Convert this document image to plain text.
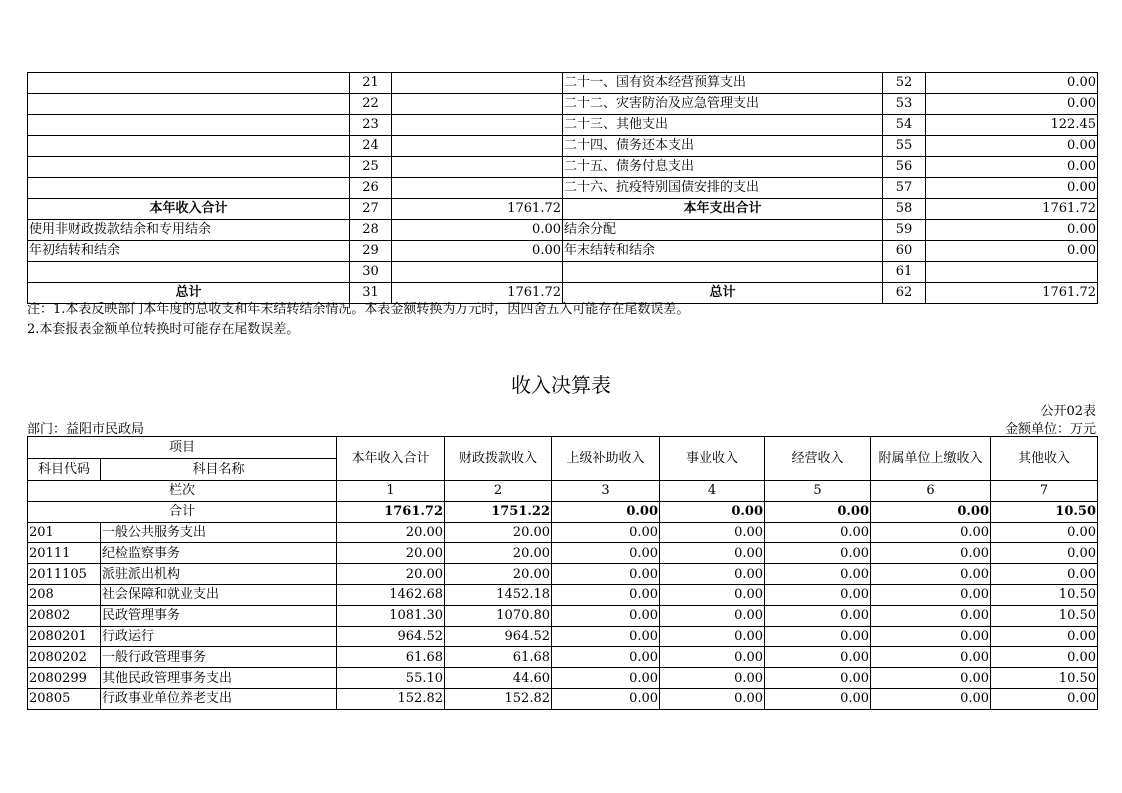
	21		二十一、国有资本经营预算支出	52	0.00
	22		二十二、灾害防治及应急管理支出	53	0.00
	23		二十三、其他支出	54	122.45
	24		二十四、债务还本支出	55	0.00
	25		二十五、债务付息支出	56	0.00
	26		二十六、抗疫特别国债安排的支出	57	0.00
本年收入合计	27	1761.72	本年支出合计	58	1761.72
使用非财政拨款结余和专用结余	28	0.00	结余分配	59	0.00
年初结转和结余	29	0.00	年末结转和结余	60	0.00
	30			61	
总计	31	1761.72	总计	62	1761.72
注：1.本表反映部门本年度的总收支和年末结转结余情况。本表金额转换为万元时，因四舍五入可能存在尾数误差。
2.本套报表金额单位转换时可能存在尾数误差。
收入决算表
公开02表
部门：益阳市民政局	金额单位：万元
项目		本年收入合计	财政拨款收入	上级补助收入	事业收入	经营收入	附属单位上缴收入	其他收入
科目代码	科目名称							
栏次		1	2	3	4	5	6	7
合计		1761.72	1751.22	0.00	0.00	0.00	0.00	10.50
201	一般公共服务支出	20.00	20.00	0.00	0.00	0.00	0.00	0.00
20111	纪检监察事务	20.00	20.00	0.00	0.00	0.00	0.00	0.00
2011105	派驻派出机构	20.00	20.00	0.00	0.00	0.00	0.00	0.00
208	社会保障和就业支出	1462.68	1452.18	0.00	0.00	0.00	0.00	10.50
20802	民政管理事务	1081.30	1070.80	0.00	0.00	0.00	0.00	10.50
2080201	行政运行	964.52	964.52	0.00	0.00	0.00	0.00	0.00
2080202	一般行政管理事务	61.68	61.68	0.00	0.00	0.00	0.00	0.00
2080299	其他民政管理事务支出	55.10	44.60	0.00	0.00	0.00	0.00	10.50
20805	行政事业单位养老支出	152.82	152.82	0.00	0.00	0.00	0.00	0.00
